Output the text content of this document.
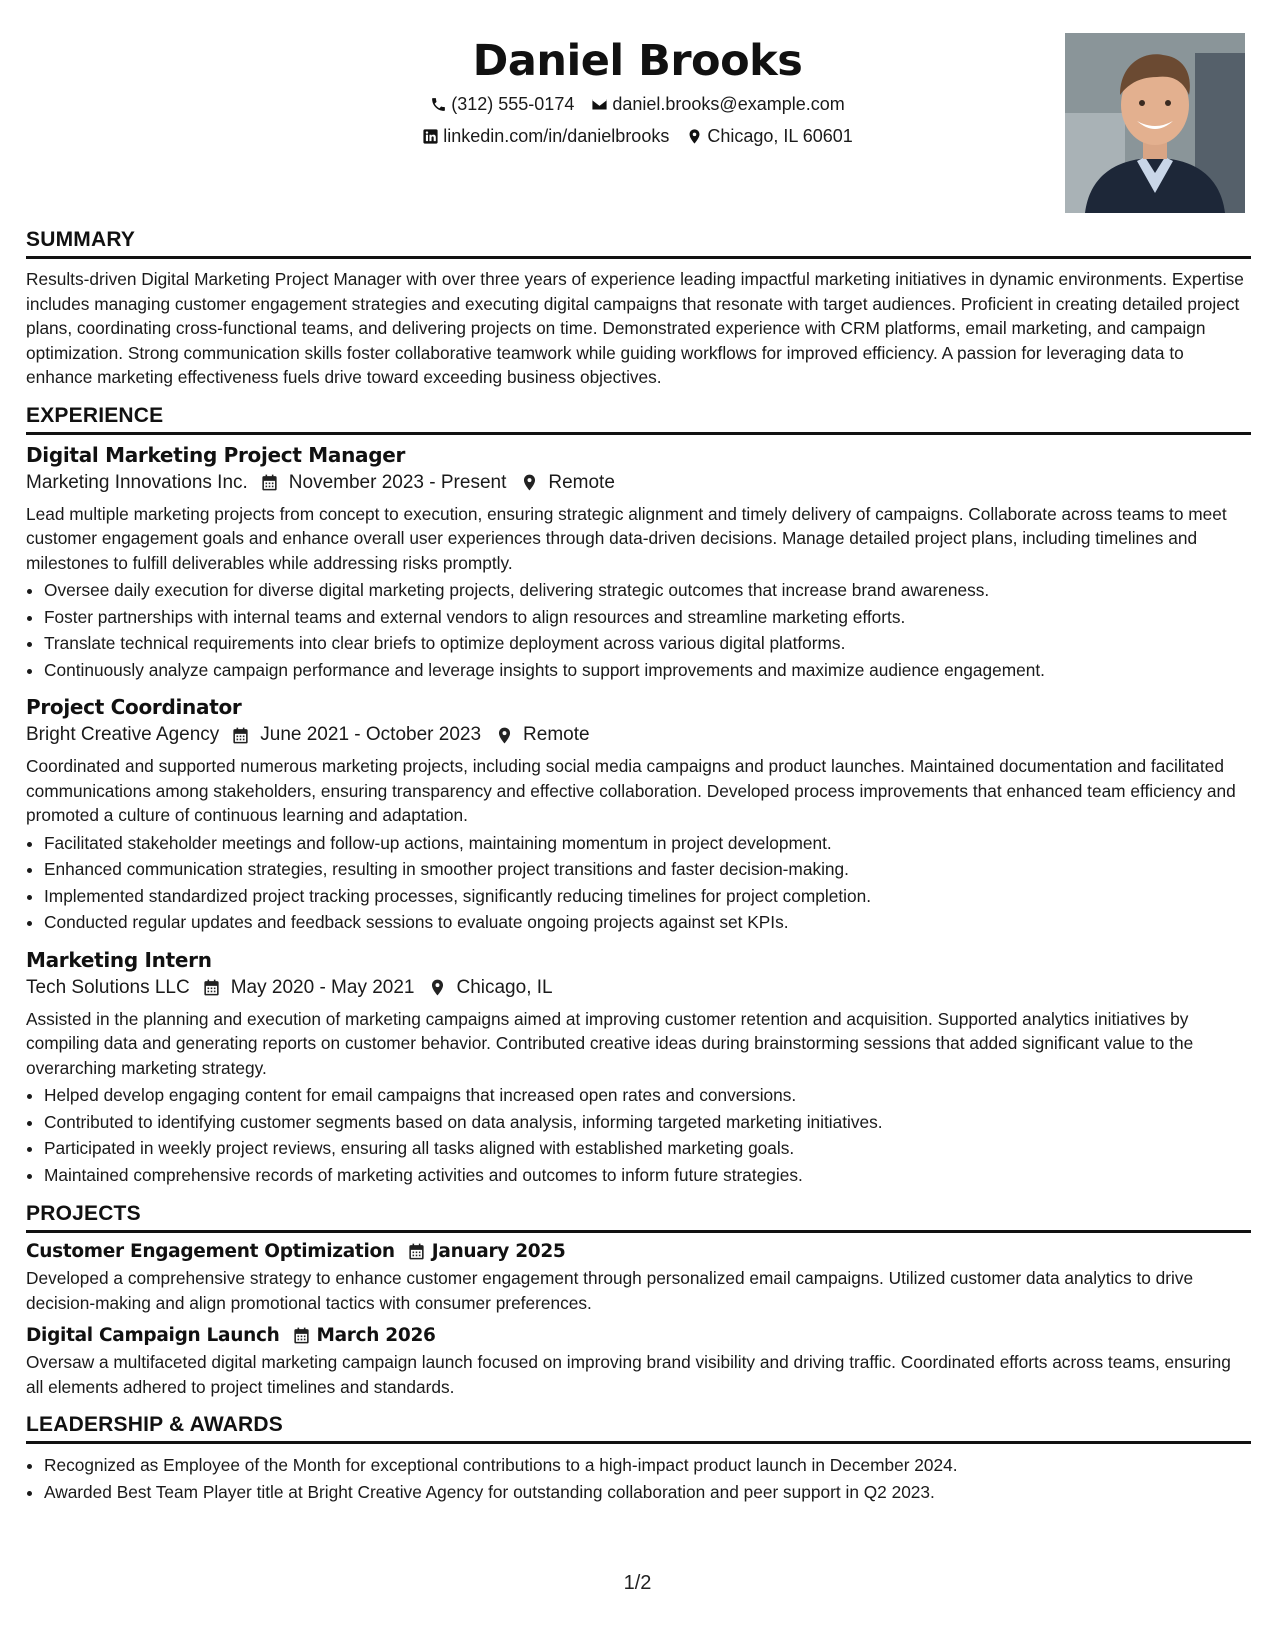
Daniel Brooks
(312) 555-0174
daniel.brooks@example.com
linkedin.com/in/danielbrooks
Chicago, IL 60601
SUMMARY

Results-driven Digital Marketing Project Manager with over three years of experience leading impactful marketing initiatives in dynamic environments. Expertise includes managing customer engagement strategies and executing digital campaigns that resonate with target audiences. Proficient in creating detailed project plans, coordinating cross-functional teams, and delivering projects on time. Demonstrated experience with CRM platforms, email marketing, and campaign optimization. Strong communication skills foster collaborative teamwork while guiding workflows for improved efficiency. A passion for leveraging data to enhance marketing effectiveness fuels drive toward exceeding business objectives.

EXPERIENCE
Digital Marketing Project Manager
Marketing Innovations Inc. November 2023 - Present Remote

Lead multiple marketing projects from concept to execution, ensuring strategic alignment and timely delivery of campaigns. Collaborate across teams to meet customer engagement goals and enhance overall user experiences through data-driven decisions. Manage detailed project plans, including timelines and milestones to fulfill deliverables while addressing risks promptly.

• Oversee daily execution for diverse digital marketing projects, delivering strategic outcomes that increase brand awareness.
• Foster partnerships with internal teams and external vendors to align resources and streamline marketing efforts.
• Translate technical requirements into clear briefs to optimize deployment across various digital platforms.
• Continuously analyze campaign performance and leverage insights to support improvements and maximize audience engagement.
Project Coordinator
Bright Creative Agency June 2021 - October 2023 Remote

Coordinated and supported numerous marketing projects, including social media campaigns and product launches. Maintained documentation and facilitated communications among stakeholders, ensuring transparency and effective collaboration. Developed process improvements that enhanced team efficiency and promoted a culture of continuous learning and adaptation.

• Facilitated stakeholder meetings and follow-up actions, maintaining momentum in project development.
• Enhanced communication strategies, resulting in smoother project transitions and faster decision-making.
• Implemented standardized project tracking processes, significantly reducing timelines for project completion.
• Conducted regular updates and feedback sessions to evaluate ongoing projects against set KPIs.
Marketing Intern
Tech Solutions LLC May 2020 - May 2021 Chicago, IL

Assisted in the planning and execution of marketing campaigns aimed at improving customer retention and acquisition. Supported analytics initiatives by compiling data and generating reports on customer behavior. Contributed creative ideas during brainstorming sessions that added significant value to the overarching marketing strategy.

• Helped develop engaging content for email campaigns that increased open rates and conversions.
• Contributed to identifying customer segments based on data analysis, informing targeted marketing initiatives.
• Participated in weekly project reviews, ensuring all tasks aligned with established marketing goals.
• Maintained comprehensive records of marketing activities and outcomes to inform future strategies.
PROJECTS
Customer Engagement Optimization January 2025

Developed a comprehensive strategy to enhance customer engagement through personalized email campaigns. Utilized customer data analytics to drive decision-making and align promotional tactics with consumer preferences.

Digital Campaign Launch March 2026

Oversaw a multifaceted digital marketing campaign launch focused on improving brand visibility and driving traffic. Coordinated efforts across teams, ensuring all elements adhered to project timelines and standards.

LEADERSHIP & AWARDS
• Recognized as Employee of the Month for exceptional contributions to a high-impact product launch in December 2024.
• Awarded Best Team Player title at Bright Creative Agency for outstanding collaboration and peer support in Q2 2023.
1/2
